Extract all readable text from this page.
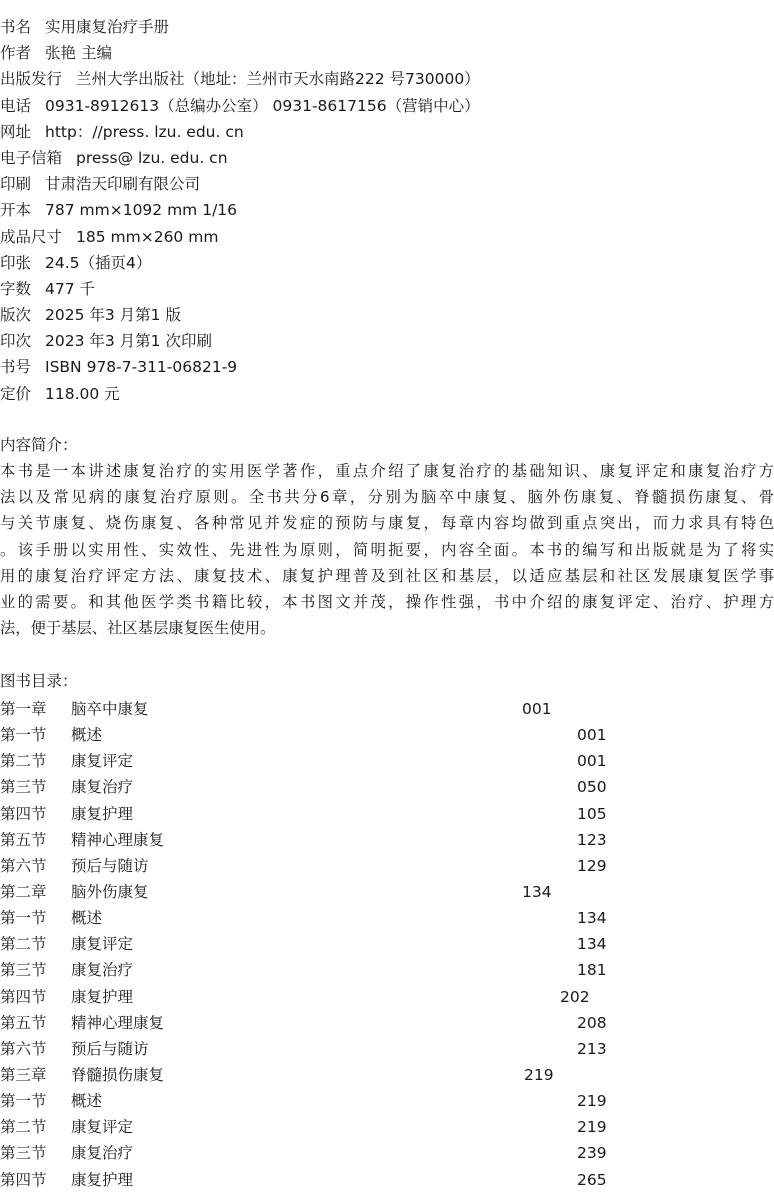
书名 实用康复治疗手册
作者 张艳 主编
出版发行 兰州大学出版社（地址：兰州市天水南路222 号730000）
电话 0931-8912613（总编办公室） 0931-8617156（营销中心）
网址 http：//press. lzu. edu. cn
电子信箱 press@ lzu. edu. cn
印刷 甘肃浩天印刷有限公司
开本 787 mm×1092 mm 1/16
成品尺寸 185 mm×260 mm
印张 24.5（插页4）
字数 477 千
版次 2025 年3 月第1 版
印次 2023 年3 月第1 次印刷
书号 ISBN 978-7-311-06821-9
定价 118.00 元
内容简介：
本书是一本讲述康复治疗的实用医学著作，重点介绍了康复治疗的基础知识、康复评定和康复治疗方
法以及常见病的康复治疗原则。全书共分6章，分别为脑卒中康复、脑外伤康复、脊髓损伤康复、骨
与关节康复、烧伤康复、各种常见并发症的预防与康复，每章内容均做到重点突出，而力求具有特色
。该手册以实用性、实效性、先进性为原则，简明扼要，内容全面。本书的编写和出版就是为了将实
用的康复治疗评定方法、康复技术、康复护理普及到社区和基层，以适应基层和社区发展康复医学事
业的需要。和其他医学类书籍比较，本书图文并茂，操作性强，书中介绍的康复评定、治疗、护理方
法，便于基层、社区基层康复医生使用。
图书目录：
第一章 脑卒中康复	001
第一节 概述	001
第二节 康复评定	001
第三节 康复治疗	050
第四节 康复护理	105
第五节 精神心理康复	123
第六节 预后与随访	129
第二章 脑外伤康复	134
第一节 概述	134
第二节 康复评定	134
第三节 康复治疗	181
第四节 康复护理	202
第五节 精神心理康复	208
第六节 预后与随访	213
第三章 脊髓损伤康复	219
第一节 概述	219
第二节 康复评定	219
第三节 康复治疗	239
第四节 康复护理	265
